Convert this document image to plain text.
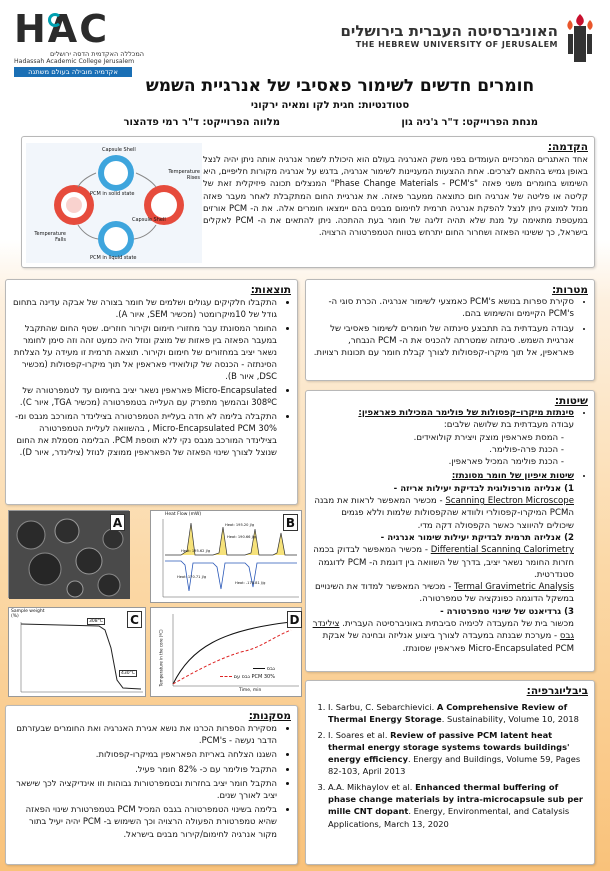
HAC
המכללה האקדמית הדסה ירושלים
Hadassah Academic College Jerusalem
אקדמיה מובילה בעולם משתנה
האוניברסיטה העברית בירושלים
THE HEBREW UNIVERSITY OF JERUSALEM
חומרים חדשים לשימור פאסיבי של אנרגיית השמש
סטודנטיות: חגית לקו ומאיה ירקוני
מנחת הפרוייקט: ד"ר ג'ניה גון
מלווה הפרוייקט: ד"ר רמי פדהצור
Capsule Shell
PCM in solid state
Temperature Rises
Capsule Shell
Temperature Falls
PCM in liquid state
הקדמה:
אחד האתגרים המרכזיים העומדים בפני משק האנרגיה בעולם הוא היכולת לשמר אנרגיה אותה ניתן יהיה לנצל באופן גמיש בהתאם לצרכים. אחת ההצעות המעניינות לשימור אנרגיה, בדגש על אנרגיה מקורות חליפיים, היא השימוש בחומרים משני פאזה "Phase Change Materials - PCM's" המנצלים תכונה פיזיקלית זאת של קליטה או פליטה של אנרגיה חום כתוצאה ממעבר פאזה. את אנרגיית החום המתקבלת לאחר מעבר פאזה מנזל למוצק ניתן לנצל להפקת אנרגיה תרמית לחימום מבנים בהם יימצאו חומרים אלה. את ה- PCM אורזים במעטפת מתאימה על מנת שלא תהיה זליגה של חומר בעת ההתכה. ניתן להתאים את ה- PCM לאקלים בישראל, כך ששינוי הפאזה ושחרור החום יתרחש בטווח הטמפרטורה הרצויה.
מטרות:
• סקירת ספרות בנושא PCM's כאמצעי לשימור אנרגיה. הכרת סוגי ה- PCM's הקיימים והשימוש בהם.
• עבודה מעבדתית בה תתבצע סינתזה של חומרים לשימור פאסיבי של אנרגיית השמש. סינתזה שמטרתה להכניס את ה- PCM הנבחר, פאראפין, אל תוך מיקרו-קפסולות לצורך קבלת חומר עם תכונות רצויות.
שיטות:
• סינתזת מיקרו–קפסולות של פולימר המכילות פאראפין:
עבודה מעבדתית בת שלושה שלבים:
- המסת פאראפין מוצק ויצירת קולואידים.
- הכנת פרה-פולימר.
- הכנת פולימר המכיל פאראפין.
• שיטות איפיון של חומר מסונתז:
1) אנליזה מורפולוגית לבדיקת יעילות אריזה -
Scanning Electron Microscope - מכשיר המאפשר לראות את מבנה הPCM המיקרו-קפסולרי ולוודא שהקפסולות שלמות וללא פגמים שיכולים להיווצר כאשר הקפסולה דקה מדי.
2) אנליזה תרמית לבדיקת יעילות שימור אנרגיה -
Differential Scanning Calorimetry - מכשיר המאפשר לבדוק בכמה חזרות החומר נשאר יציב, בדרך של השוואה בין דוגמת ה- PCM לדוגמה סטנדרטית.
Termal Gravimetric Analysis - מכשיר המאפשר למדוד את השינויים במשקל הדוגמה כפונקציה של טמפרטורה.
3) גרדיאנט של שינוי טמפרטורה -
מכשור בית של המעבדה לכימיה סביבתית באוניברסיטה העברית. צילינדר גבס - מערכת שבנתה במעבדה לצורך ביצוע אנליזה ובחינה של אבקת Micro-Encapsulated PCM פאראפין שסונתז.
תוצאות:
• התקבלו חלקיקים עגולים ושלמים של חומר בצורה של אבקה עדינה בתחום גודל של 10מיקרומטר (מכשיר SEM, איור A).
• החומר המסונתז עבר מחזורי חימום וקירור חוזרים. שטף החום שהתקבל במעבר הפאזה בין פאזות של מוצק ונוזל היה כמעט זהה וזה סימן לחומר נשאר יציב במחזורים של חימום וקירור. תוצאה תרמית זו מעידה על הצלחת הסינתזה - הכנסה של קולואידי פאראפין אל תוך מיקרו-קפסולות (מכשיר DSC, איור B).
• Micro-Encapsulated פאראפין נשאר יציב בחימום עד לטמפרטורה של 308ºC ובהמשך מתפרק עם העלייה בטמפרטורה (מכשיר TGA, איור C).
• התקבלה בלימה לא חדה בעליית הטמפרטורה בצילינדר המורכב מגבס ומ- Micro-Encapsulated PCM 30% , בהשוואה לעליית הטמפרטורה בצילינדר המורכב מגבס נקי ללא תוספת PCM. הבלימה מסמלת את החום שנוצל לצורך שינוי הפאזה של הפאראפין ממוצק לנוזל (צילינדר, איור D).
A
Heat Flow (mW)
Heat: 195.20 J/g
Heat: 190.66 J/g
Heat: 170.71 J/g
Heat: -178.81 J/g
Heat: 195.62 J/g
B
Sample weight (%)
308°C
430°C
C
Temperature in the core (ºC)
Time, min
גבס
PCM 30% גבס עם
D
מסקנות:
• מסקירת הספרות הכרנו את נושא אגירת האנרגיה ואת החומרים שבעזרתם הדבר נעשה - PCM's.
• השגנו הצלחה באריזת הפאראפין במיקרו-קפסולות.
• התקבל פולימר עם כ- 82% חומר פעיל.
• התקבל חומר יציב בחזרות ובטמפרטורות גבוהות וזו אינדיקציה לכך שישאר יציב לאורך שנים.
• בלימה בשינוי הטמפרטורה בגבס המכיל PCM בטמפרטורת שינוי הפאזה שהיא טמפרטורת הפעולה הרצויה וכך השימוש ב- PCM יהיה יעיל בתור מקור אנרגיה לחימום/קירור מבנים בישראל.
ביבליוגרפיה:
1. I. Sarbu, C. Sebarchievici. A Comprehensive Review of Thermal Energy Storage. Sustainability, Volume 10, 2018
2. I. Soares et al. Review of passive PCM latent heat thermal energy storage systems towards buildings' energy efficiency. Energy and Buildings, Volume 59, Pages 82-103, April 2013
3. A.A. Mikhaylov et al. Enhanced thermal buffering of phase change materials by intra-microcapsule sub per mille CNT dopant. Energy, Environmental, and Catalysis Applications, March 13, 2020
